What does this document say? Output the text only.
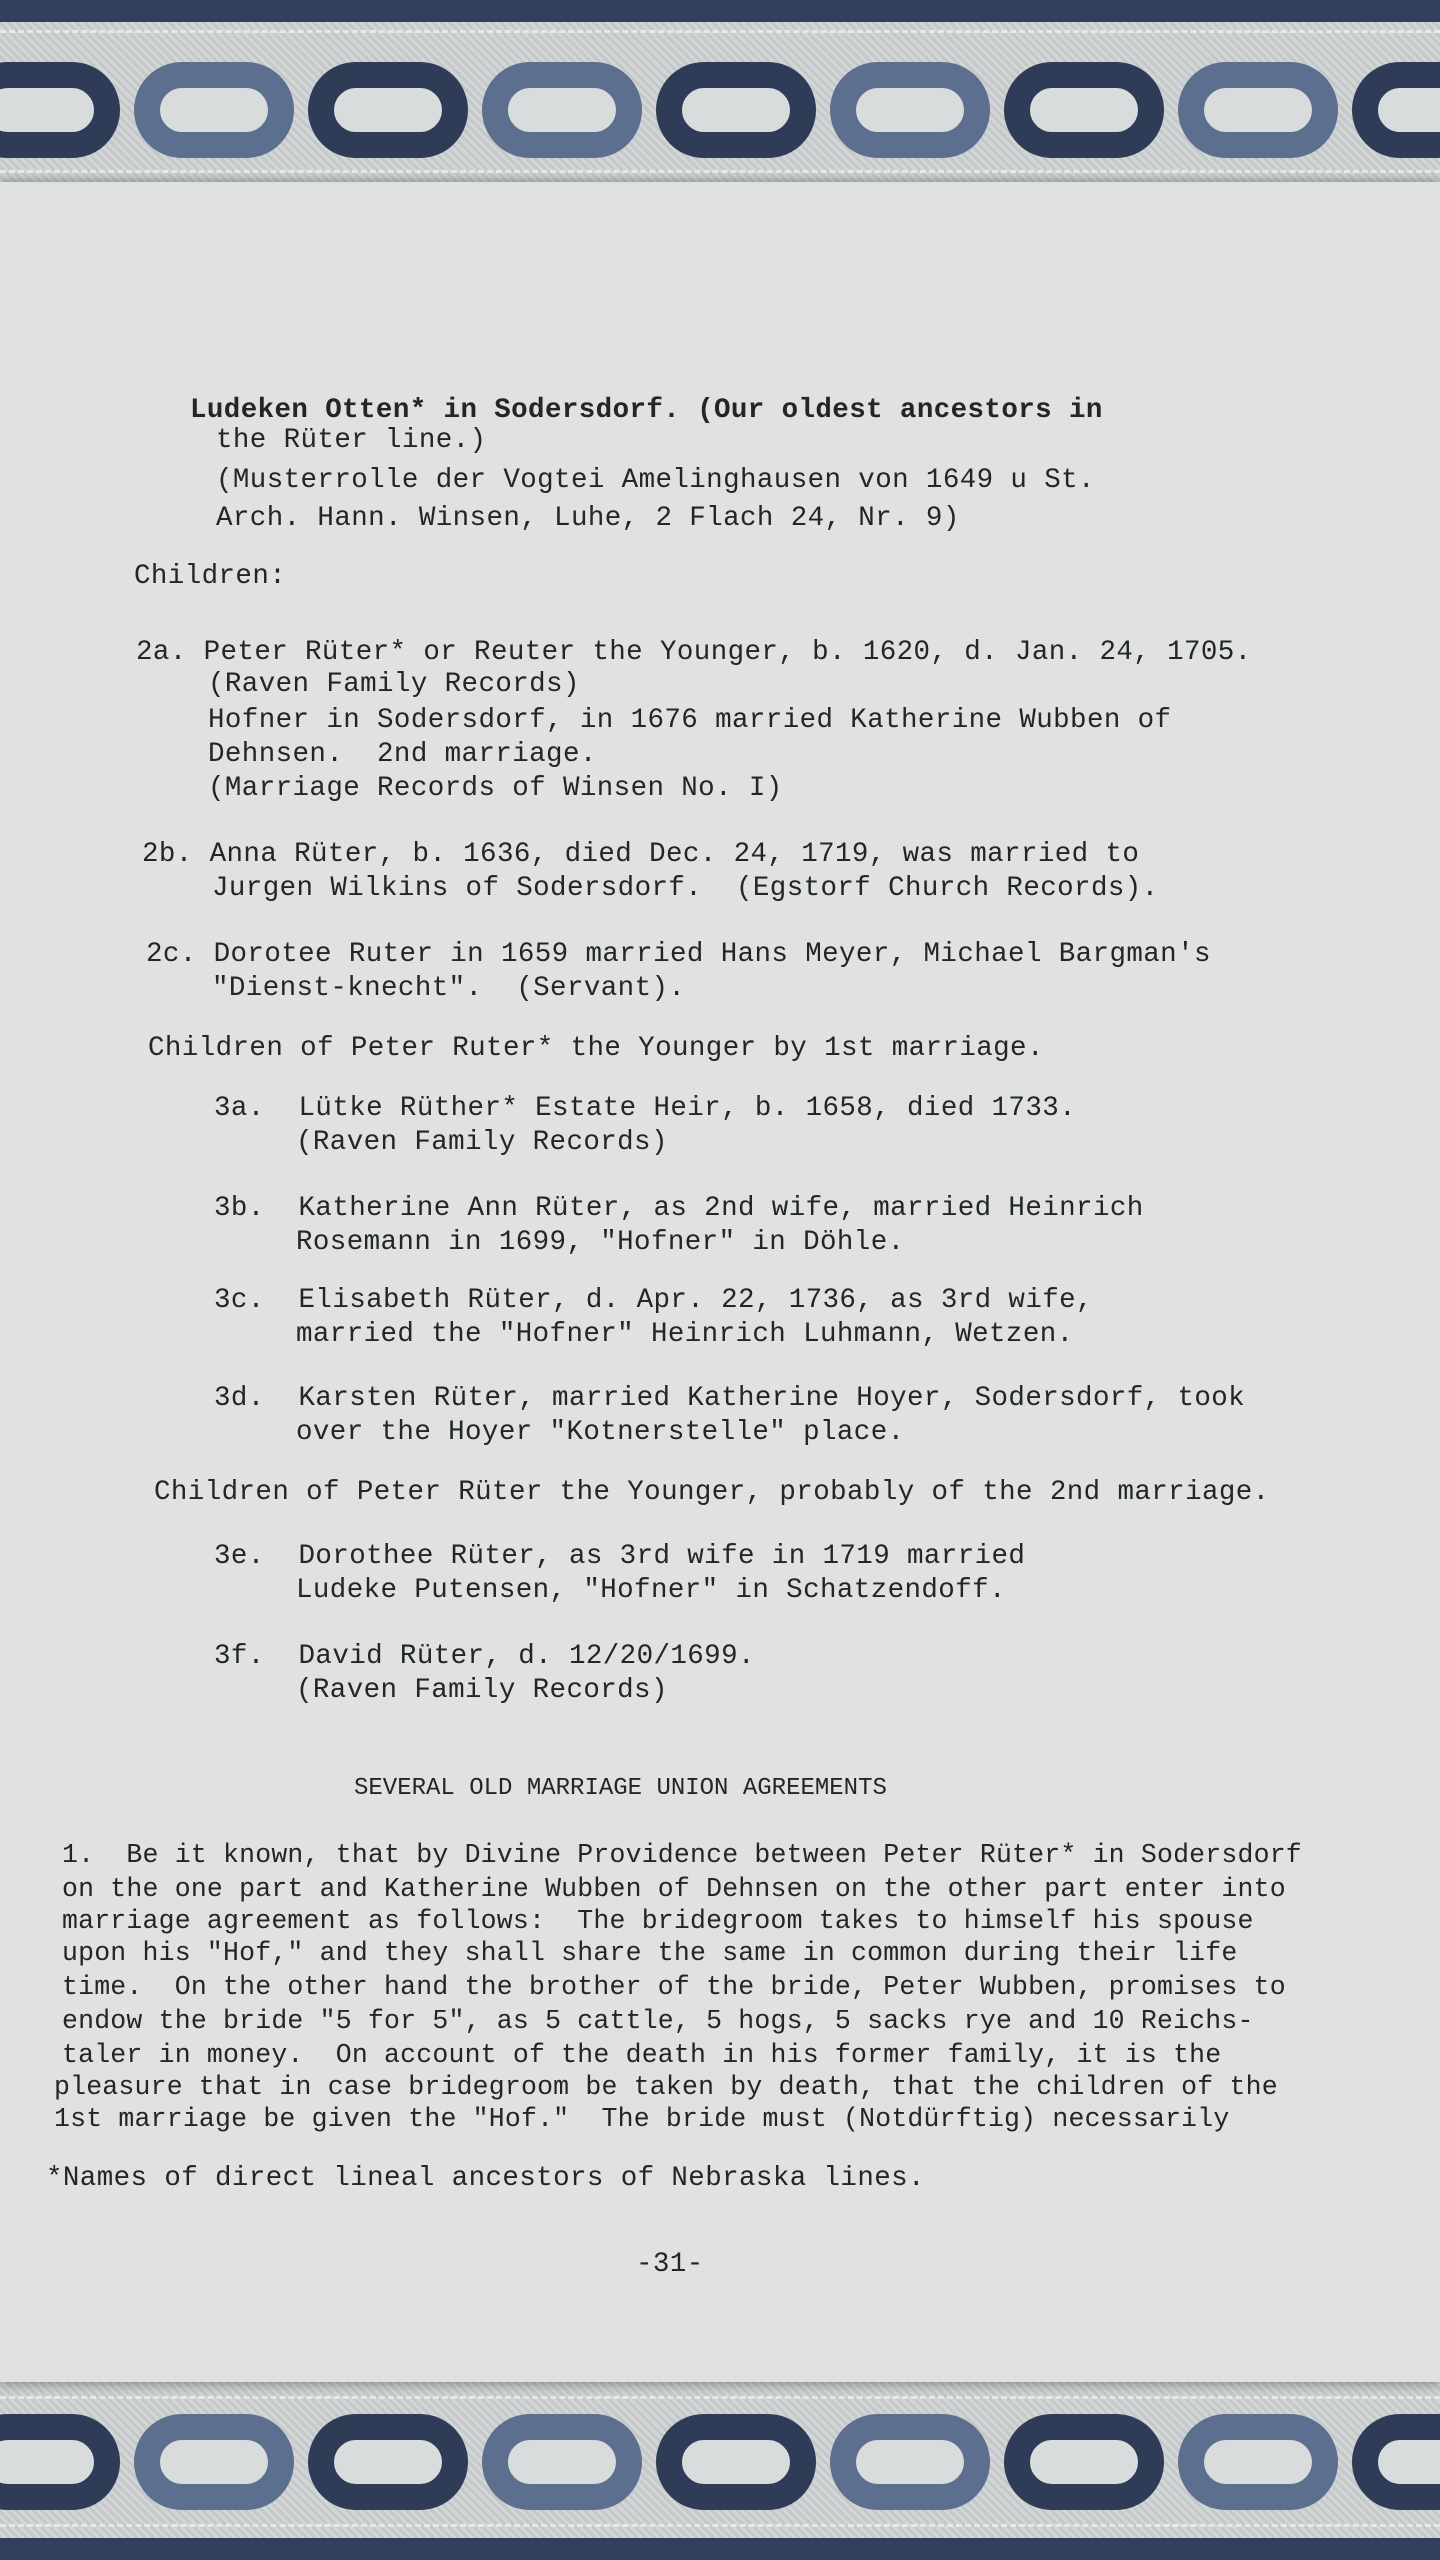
Ludeken Otten* in Sodersdorf. (Our oldest ancestors in
the Rüter line.)
(Musterrolle der Vogtei Amelinghausen von 1649 u St.
Arch. Hann. Winsen, Luhe, 2 Flach 24, Nr. 9)
Children:
2a. Peter Rüter* or Reuter the Younger, b. 1620, d. Jan. 24, 1705.
(Raven Family Records)
Hofner in Sodersdorf, in 1676 married Katherine Wubben of
Dehnsen.  2nd marriage.
(Marriage Records of Winsen No. I)
2b. Anna Rüter, b. 1636, died Dec. 24, 1719, was married to
Jurgen Wilkins of Sodersdorf.  (Egstorf Church Records).
2c. Dorotee Ruter in 1659 married Hans Meyer, Michael Bargman's
"Dienst-knecht".  (Servant).
Children of Peter Ruter* the Younger by 1st marriage.
3a.  Lütke Rüther* Estate Heir, b. 1658, died 1733.
(Raven Family Records)
3b.  Katherine Ann Rüter, as 2nd wife, married Heinrich
Rosemann in 1699, "Hofner" in Döhle.
3c.  Elisabeth Rüter, d. Apr. 22, 1736, as 3rd wife,
married the "Hofner" Heinrich Luhmann, Wetzen.
3d.  Karsten Rüter, married Katherine Hoyer, Sodersdorf, took
over the Hoyer "Kotnerstelle" place.
Children of Peter Rüter the Younger, probably of the 2nd marriage.
3e.  Dorothee Rüter, as 3rd wife in 1719 married
Ludeke Putensen, "Hofner" in Schatzendoff.
3f.  David Rüter, d. 12/20/1699.
(Raven Family Records)
SEVERAL OLD MARRIAGE UNION AGREEMENTS
1.  Be it known, that by Divine Providence between Peter Rüter* in Sodersdorf
on the one part and Katherine Wubben of Dehnsen on the other part enter into
marriage agreement as follows:  The bridegroom takes to himself his spouse
upon his "Hof," and they shall share the same in common during their life
time.  On the other hand the brother of the bride, Peter Wubben, promises to
endow the bride "5 for 5", as 5 cattle, 5 hogs, 5 sacks rye and 10 Reichs-
taler in money.  On account of the death in his former family, it is the
pleasure that in case bridegroom be taken by death, that the children of the
1st marriage be given the "Hof."  The bride must (Notdürftig) necessarily
*Names of direct lineal ancestors of Nebraska lines.
-31-
